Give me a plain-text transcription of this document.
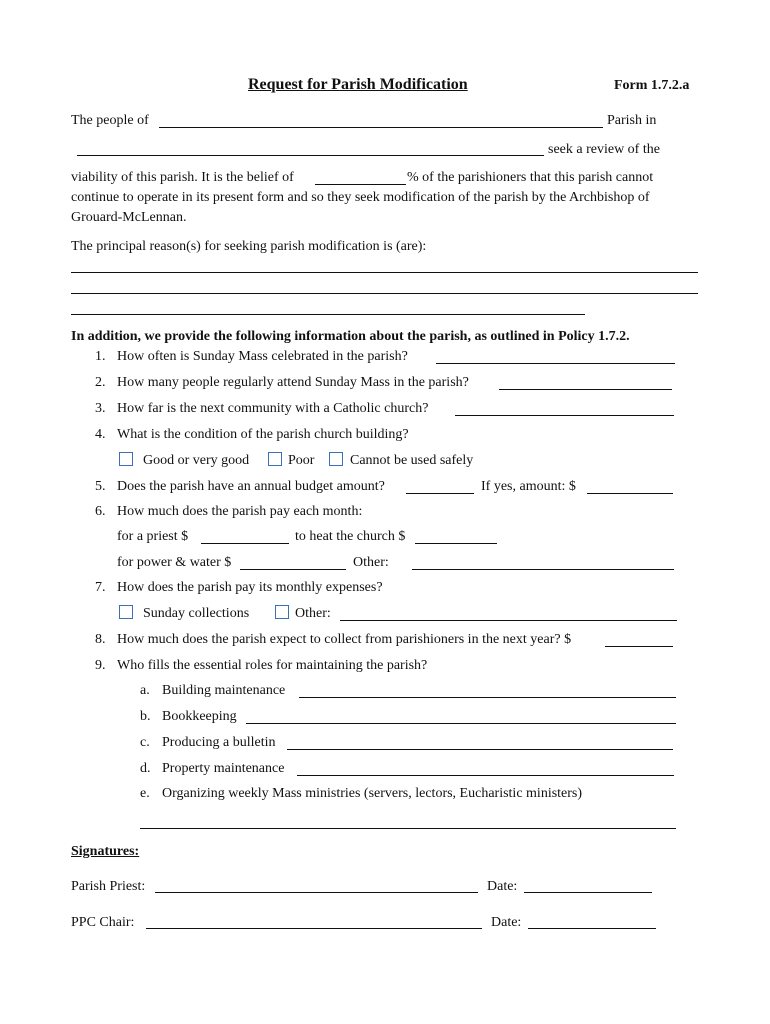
Request for Parish Modification	Form 1.7.2.a
The people of	Parish in
seek a review of the
viability of this parish. It is the belief of	% of the parishioners that this parish cannot
continue to operate in its present form and so they seek modification of the parish by the Archbishop of
Grouard-McLennan.
The principal reason(s) for seeking parish modification is (are):
In addition, we provide the following information about the parish, as outlined in Policy 1.7.2.
1. How often is Sunday Mass celebrated in the parish?
2. How many people regularly attend Sunday Mass in the parish?
3. How far is the next community with a Catholic church?
4. What is the condition of the parish church building?
Good or very good	Poor	Cannot be used safely
5. Does the parish have an annual budget amount?	If yes, amount: $
6. How much does the parish pay each month:
for a priest $	to heat the church $
for power & water $	Other:
7. How does the parish pay its monthly expenses?
Sunday collections	Other:
8. How much does the parish expect to collect from parishioners in the next year? $
9. Who fills the essential roles for maintaining the parish?
a. Building maintenance
b. Bookkeeping
c. Producing a bulletin
d. Property maintenance
e. Organizing weekly Mass ministries (servers, lectors, Eucharistic ministers)
Signatures:
Parish Priest:	Date:
PPC Chair:	Date:
